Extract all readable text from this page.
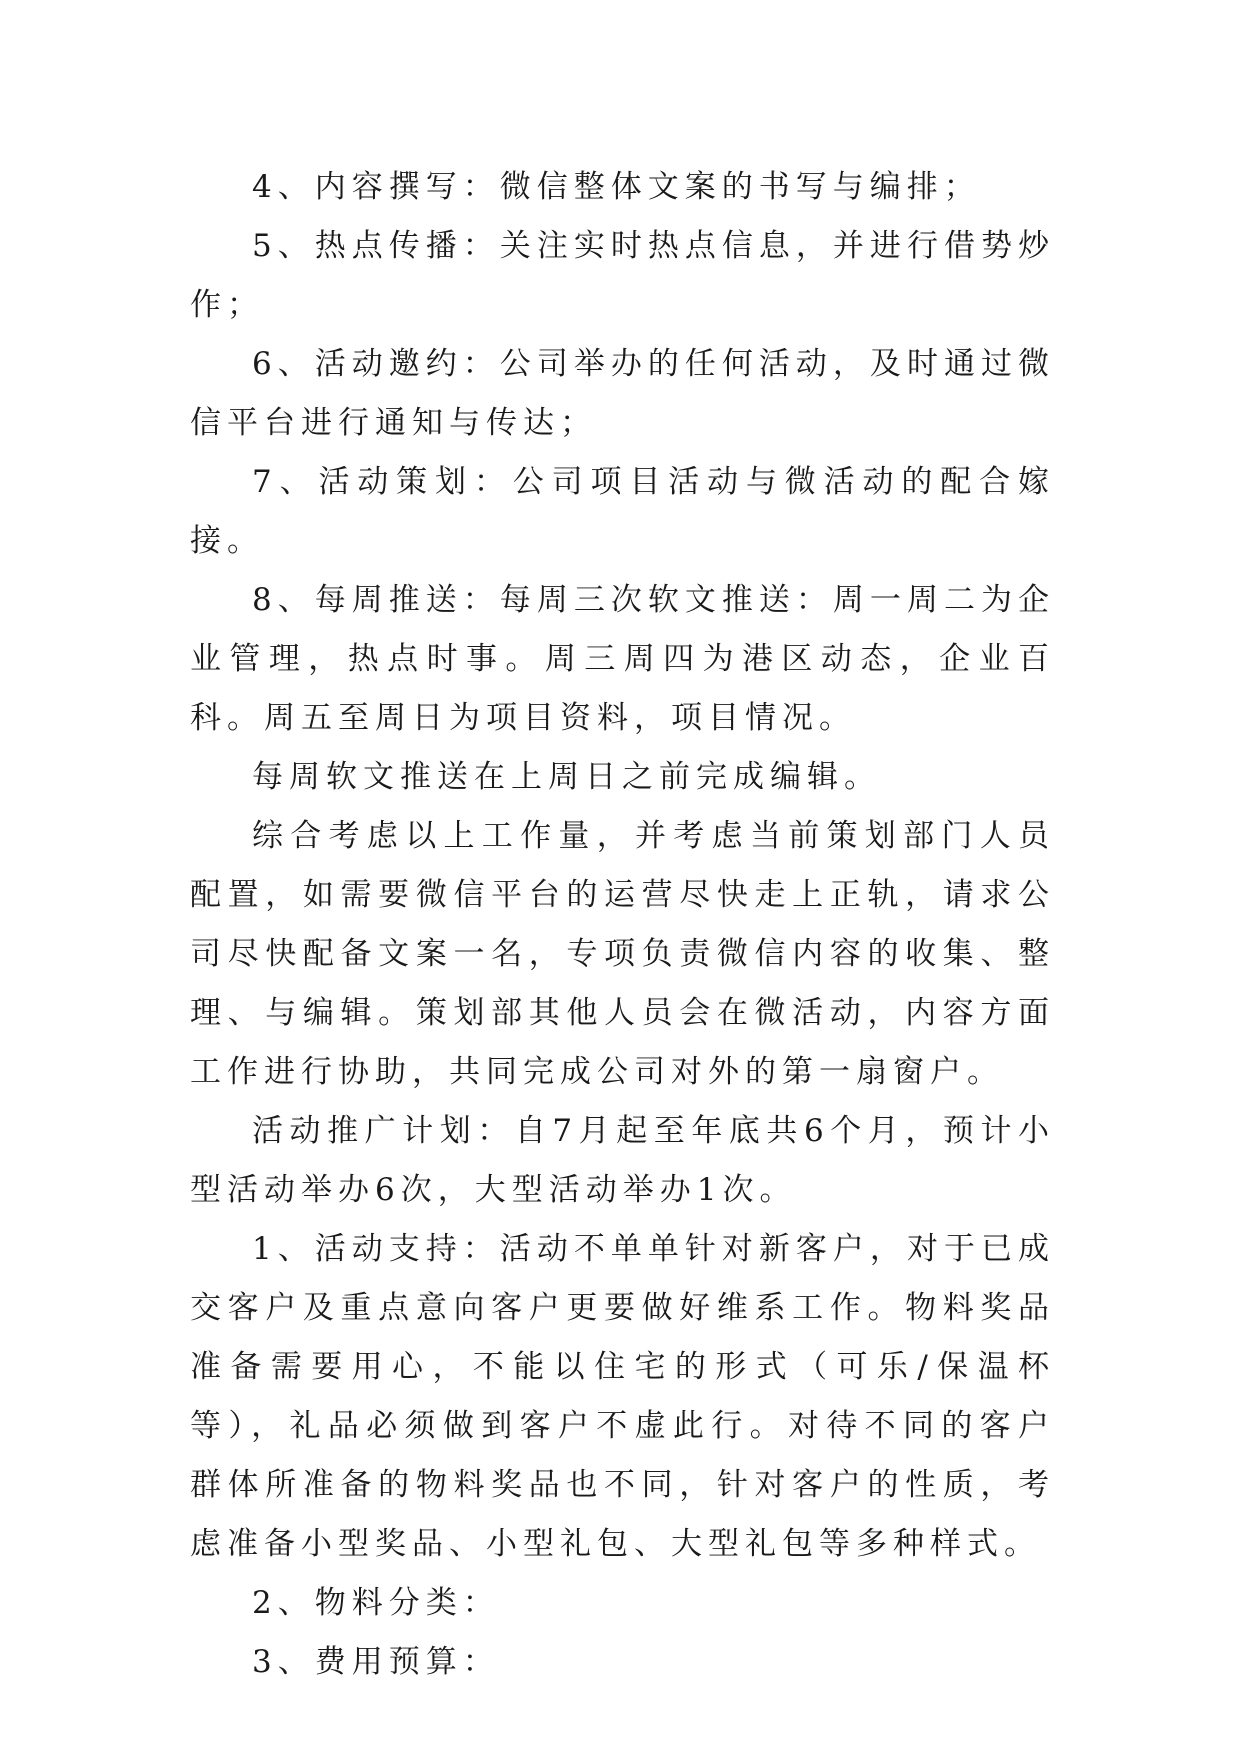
4、内容撰写：微信整体文案的书写与编排；

5、热点传播：关注实时热点信息，并进行借势炒作；

6、活动邀约：公司举办的任何活动，及时通过微信平台进行通知与传达；

7、活动策划：公司项目活动与微活动的配合嫁接。

8、每周推送：每周三次软文推送：周一周二为企业管理，热点时事。周三周四为港区动态，企业百科。周五至周日为项目资料，项目情况。

每周软文推送在上周日之前完成编辑。

综合考虑以上工作量，并考虑当前策划部门人员配置，如需要微信平台的运营尽快走上正轨，请求公司尽快配备文案一名，专项负责微信内容的收集、整理、与编辑。策划部其他人员会在微活动，内容方面工作进行协助，共同完成公司对外的第一扇窗户。

活动推广计划：自7月起至年底共6个月，预计小型活动举办6次，大型活动举办1次。

1、活动支持：活动不单单针对新客户，对于已成交客户及重点意向客户更要做好维系工作。物料奖品准备需要用心，不能以住宅的形式（可乐/保温杯等），礼品必须做到客户不虚此行。对待不同的客户群体所准备的物料奖品也不同，针对客户的性质，考虑准备小型奖品、小型礼包、大型礼包等多种样式。

2、物料分类：

3、费用预算：
